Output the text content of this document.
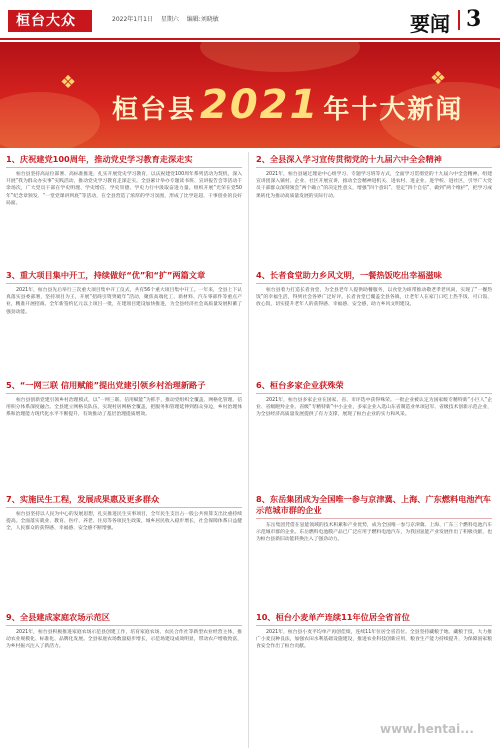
桓台大众	2022年1月1日 星期六 编辑:刘晓敏	要闻 3
❖	❖
桓台县 2021 年十大新闻
1、庆祝建党100周年，推动党史学习教育走深走实

桓台县坚持高站位部署、高标准推进，扎实开展党史学习教育，以庆祝建党100周年系列活动为契机，深入开展“我为群众办实事”实践活动，推动党史学习教育走深走实。全县累计举办专题读书班、宣讲报告会等活动千余场次，广大党员干部在学史明理、学史增信、学史崇德、学史力行中汲取奋进力量。组织开展“光荣在党50年”纪念章颁发、“一堂党课讲到底”等活动，在全县营造了浓厚的学习氛围，形成了比学赶超、干事创业的良好局面。

3、重大项目集中开工，持续做好“优”和“扩”两篇文章

2021年，桓台县先后举行三次重大项目集中开工仪式，共有56个重大项目集中开工。一年来，全县上下认真落实县委部署，坚持项目为王，开展“招商引资突破年”活动，聚焦高端化工、新材料、汽车零部件等重点产业，精准开展招商。全年新签约亿元以上项目一批，在建项目建设加快推进，为全县经济社会高质量发展积蓄了强劲动能。

5、“一网三联 信用赋能”提出党建引领乡村治理新路子

桓台县创新党建引领乡村治理模式，以“一网三联、信用赋能”为抓手，推动党组织全覆盖、网格化管理、信用积分体系深度融合。全县建立网格员队伍，实现村居网格全覆盖，把服务和管理延伸到群众身边，乡村治理体系和治理能力现代化水平不断提升，有效推动了基层治理提质增效。

7、实施民生工程，发展成果惠及更多群众

桓台县坚持以人民为中心的发展思想，扎实推进民生实事项目，全年民生支出占一般公共预算支出比重持续提高。全面落实就业、教育、医疗、养老、住房等各项民生政策，城乡居民收入稳步增长，社会保障体系日益健全，人民群众的获得感、幸福感、安全感不断增强。

9、全县建成家庭农场示范区

2021年，桓台县积极推进家庭农场示范县创建工作，培育家庭农场、农民合作社等新型农业经营主体，推动农业规模化、标准化、品牌化发展。全县家庭农场数量稳步增长，示范场建设成效明显，带动农户增收致富，为乡村振兴注入了新活力。

2、全县深入学习宣传贯彻党的十九届六中全会精神

2021年，桓台县通过理论中心组学习、专题学习班等方式，全面学习贯彻党的十九届六中全会精神。组建宣讲团深入镇村、企业、社区开展宣讲，推动全会精神进机关、进农村、进企业、进学校、进社区，引导广大党员干部群众深刻领会“两个确立”的决定性意义，增强“四个意识”、坚定“四个自信”、做到“两个维护”，把学习成果转化为推动高质量发展的实际行动。

4、长者食堂助力乡风文明，一餐热饭吃出幸福滋味

桓台县着力打造长者食堂，为全县老年人提供助餐服务，以食堂为纽带推动敬老孝老风尚，实现了“一餐热饭”的幸福生活，得到社会各界广泛好评。长者食堂已覆盖全县各镇，让老年人在家门口吃上热乎饭、可口饭、放心饭，切实提升老年人的获得感、幸福感、安全感，助力乡风文明建设。

6、桓台多家企业获殊荣

2021年，桓台县多家企业在国家、省、市评选中获得殊荣。一批企业被认定为国家级专精特新“小巨人”企业、省级瞪羚企业、省级“专精特新”中小企业，多家企业入选山东省制造业单项冠军、省级技术创新示范企业，为全县经济高质量发展提供了有力支撑，展现了桓台企业的实力和风采。

8、东岳集团成为全国唯一参与京津冀、上海、广东燃料电池汽车示范城市群的企业

东岳集团凭借在氢能领域的技术积累和产业优势，成为全国唯一参与京津冀、上海、广东三个燃料电池汽车示范城市群的企业。东岳燃料电池膜产品已广泛应用于燃料电池汽车，为我国氢能产业发展作出了积极贡献，也为桓台县新旧动能转换注入了强劲动力。

10、桓台小麦单产连续11年位居全省首位

2021年，桓台县小麦平均单产再创佳绩，连续11年位居全省首位。全县坚持藏粮于地、藏粮于技，大力推广小麦良种良法，加强农田水利基础设施建设，推进农业科技创新应用，粮食生产能力持续提升，为保障国家粮食安全作出了桓台贡献。

www.hentai...
